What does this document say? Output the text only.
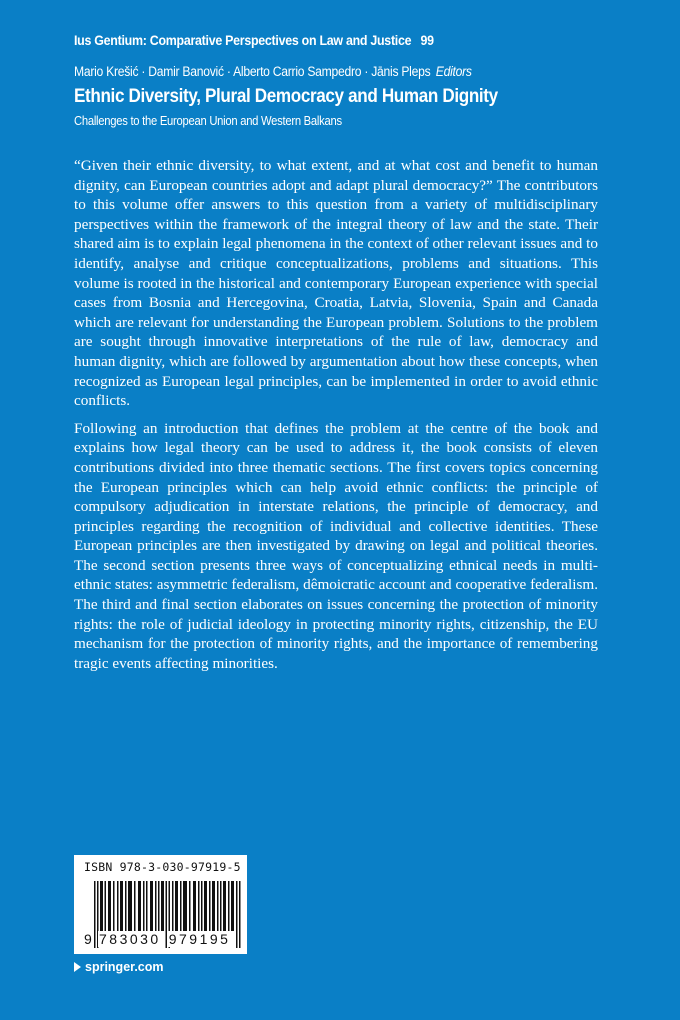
Ius Gentium: Comparative Perspectives on Law and Justice 99
Mario Krešić · Damir Banović · Alberto Carrio Sampedro · Jānis Pleps Editors
Ethnic Diversity, Plural Democracy and Human Dignity
Challenges to the European Union and Western Balkans

“Given their ethnic diversity, to what extent, and at what cost and benefit to human dignity, can European countries adopt and adapt plural democracy?” The contributors to this volume offer answers to this question from a variety of multidisciplinary perspectives within the framework of the integral theory of law and the state. Their shared aim is to explain legal phenomena in the context of other relevant issues and to identify, analyse and critique conceptualizations, problems and situations. This volume is rooted in the historical and contemporary European experience with special cases from Bosnia and Hercegovina, Croatia, Latvia, Slovenia, Spain and Canada which are relevant for understanding the European problem. Solutions to the problem are sought through innovative interpretations of the rule of law, democracy and human dignity, which are followed by argumentation about how these concepts, when recognized as European legal principles, can be implemented in order to avoid ethnic conflicts.

Following an introduction that defines the problem at the centre of the book and explains how legal theory can be used to address it, the book consists of eleven contributions divided into three thematic sections. The first covers topics concerning the European principles which can help avoid ethnic conflicts: the principle of compulsory adjudication in interstate relations, the principle of democracy, and principles regarding the recognition of individual and collective identities. These European principles are then investigated by drawing on legal and political theories. The second section presents three ways of conceptualizing ethnical needs in multi-ethnic states: asymmetric federalism, dêmoicratic account and cooperative federalism. The third and final section elaborates on issues concerning the protection of minority rights: the role of judicial ideology in protecting minority rights, citizenship, the EU mechanism for the protection of minority rights, and the importance of remembering tragic events affecting minorities.

ISBN 978-3-030-97919-5
9 783030 979195
springer.com
